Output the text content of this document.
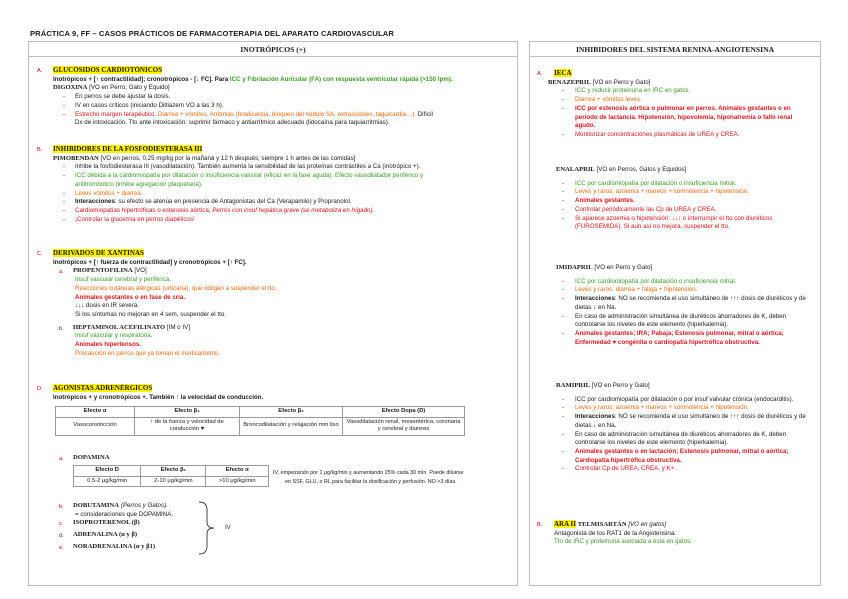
PRÁCTICA 9, FF – CASOS PRÁCTICOS DE FARMACOTERAPIA DEL APARATO CARDIOVASCULAR
INOTRÓPICOS (+)
A. GLUCÓSIDOS CARDIOTÓNICOS
Inotrópicos + [↑ contractilidad]; cronotrópicos - [↓ FC]. Para ICC y Fibrilación Auricular (FA) con respuesta ventricular rápida (>150 lpm).
DIGOXINA [VO en Perro, Gato y Équido]
- En perros se debe ajustar la dosis.
- IV en casos críticos (iniciando Diltiazem VO a las 3 h).
- Estrecho margen terapéutico. Diarrea + vómitos. Arritmias (bradicardia, bloqueo del nódulo SA, extrasístoles, taquicardia…). Difícil
Dx de intoxicación. Tto ante intoxicación: suprimir fármaco y antiarrítmico adecuado (lidocaína para taquiarritmias).
B. INHIBIDORES DE LA FOSFODIESTERASA III
PIMOBENDÁN [VO en perros, 0,25 mg/kg por la mañana y 12 h después; siempre 1 h antes de las comidas]
- Inhibe la fosfodiesterasa III (vasodilatación). También aumenta la sensibilidad de las proteínas contráctiles a Ca (inotrópico +).
- ICC debida a la cardiomiopatía por dilatación o insuficiencia valvular (eficaz en la fase aguda). Efecto vasodilatador periférico y
antitrombótico (inhibe agregación plaquetaria).
- Leves vómitos + diarrea.
- Interacciones: su efecto se atenúa en presencia de Antagonistas del Ca (Verapamilo) y Propranolol.
- Cardiomiopatías hipertróficas o estenosis aórtica; Perros con insuf hepática grave (se metaboliza en hígado).
- ¡Controlar la glucemia en perros diabéticos!
C. DERIVADOS DE XANTINAS
Inotrópicos + [↑ fuerza de contractilidad] y cronotrópicos + [↑ FC].
a. PROPENTOFILINA [VO]
Insuf vascular cerebral y periférica.
Reacciones cutáneas alérgicas (urticaria), que obligan a suspender el tto.
Animales gestantes o en fase de cría.
↓↓↓ dosis en IR severa.
Si los síntomas no mejoran en 4 sem, suspender el tto.
b. HEPTAMINOL ACEFILINATO [IM o IV]
Insuf vascular y respiratoria.
Animales hipertensos.
Precaución en perros que ya toman el medicamento.
D. AGONISTAS ADRENÉRGICOS
Inotrópicos + y cronotrópicos +. También ↑ la velocidad de conducción.
Efecto α	Efecto β₁	Efecto β₂	Efecto Dopa (D)
Vasoconstricción	↑ de la fuerza y velocidad de conducción ♥	Broncodilatación y relajación mm liso	Vasodilatación renal, mesentérica, coronaria y cerebral y diuresis
a. DOPAMINA
Efecto D	Efecto β₁	Efecto α
0,5-2 μg/kg/min	2-10 μg/kg/min	>10 μg/kg/min
IV, empezando por 1 μg/kg/min y aumentando 25% cada 30 min. Puede diluirse
en SSF, GLU, o RL para facilitar la dosificación y perfusión. NO >3 días.
b. DOBUTAMINA (Perros y Gatos).
= consideraciones que DOPAMINA.
c. ISOPROTERENOL (β)
d. ADRENALINA (α y β)
e. NORADRENALINA (α y β1)
IV
INHIBIDORES DEL SISTEMA RENINA-ANGIOTENSINA
A. IECA
BENAZEPRIL [VO en Perro y Gato]
- ICC y reducir proteinuria en IRC en gatos.
- Diarrea + vómitos leves.
- ICC por estenosis aórtica o pulmonar en perros. Animales gestantes o en período de lactancia. Hipotensión, hipovolemia, hiponatremia o fallo renal agudo.
- Monitorizar concentraciones plasmáticas de UREA y CREA.
ENALAPRIL [VO en Perros, Gatos y Équidos]
- ICC por cardiomiopatía por dilatación o insuficiencia mitral.
- Leves y raros: azoemia + mareos + somnolencia + hipotensión.
- Animales gestantes.
- Controlar periódicamente las Cp de UREA y CREA.
- Si aparece azoemia o hipotensión: ↓↓↓ o interrumpir el tto con diuréticos (FUROSEMIDA). Si aun así no mejora, suspender el tto.
IMIDAPRIL [VO en Perro y Gato]
- ICC por cardiomiopatía por dilatación o insuficiencia mitral.
- Leves y raros: diarrea + fatiga + hipotensión.
- Interacciones: NO se recomienda el uso simultáneo de ↑↑↑ dosis de diuréticos y de dietas ↓ en Na.
- En caso de administración simultánea de diuréticos ahorradores de K, deben controlarse los niveles de este elemento (hiperkalemia).
- Animales gestantes; IRA; Pabaja; Estenosis pulmonar, mitral o aórtica; Enfermedad ♥ congénita o cardiopatía hipertrófica obstructiva.
RAMIPRIL [VO en Perro y Gato]
- ICC por cardiomiopatía por dilatación o por insuf valvular crónica (endocarditis).
- Leves y raros: azoemia + mareos + somnolencia + hipotensión.
- Interacciones: NO se recomienda el uso simultáneo de ↑↑↑ dosis de diuréticos y de dietas ↓ en Na.
- En caso de administración simultánea de diuréticos ahorradores de K, deben controlarse los niveles de este elemento (hiperkalemia).
- Animales gestantes o en lactación; Estenosis pulmonar, mitral o aórtica; Cardiopatía hipertrófica obstructiva.
- Controlar Cp de UREA, CREA, y K+.
B. ARA II TELMISARTÁN [VO en gatos]
Antagonista de los RAT1 de la Angiotensina.
Tto de IRC y proteinuria asociada a ésta en gatos.
